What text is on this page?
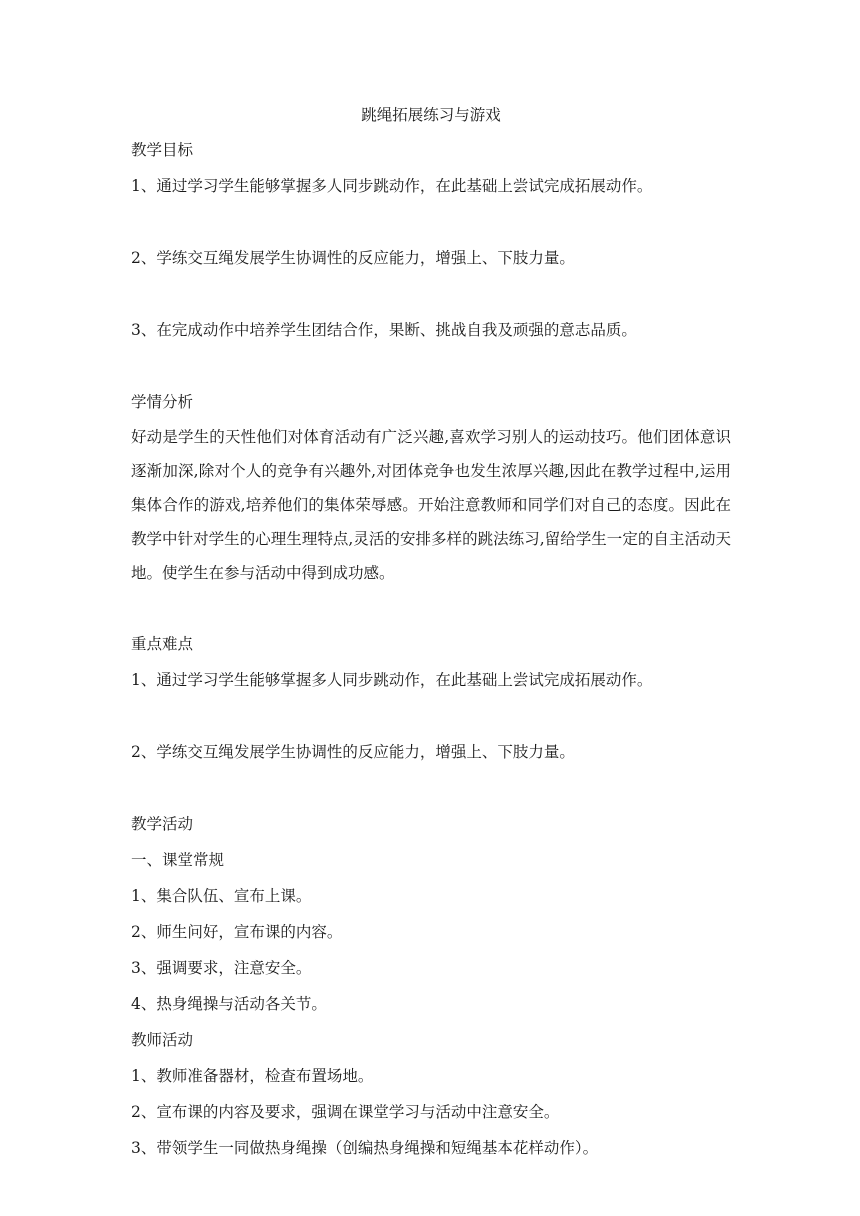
跳绳拓展练习与游戏
教学目标
1、通过学习学生能够掌握多人同步跳动作，在此基础上尝试完成拓展动作。
2、学练交互绳发展学生协调性的反应能力，增强上、下肢力量。
3、在完成动作中培养学生团结合作，果断、挑战自我及顽强的意志品质。
学情分析
好动是学生的天性他们对体育活动有广泛兴趣,喜欢学习别人的运动技巧。他们团体意识逐渐加深,除对个人的竞争有兴趣外,对团体竞争也发生浓厚兴趣,因此在教学过程中,运用集体合作的游戏,培养他们的集体荣辱感。开始注意教师和同学们对自己的态度。因此在教学中针对学生的心理生理特点,灵活的安排多样的跳法练习,留给学生一定的自主活动天地。使学生在参与活动中得到成功感。
重点难点
1、通过学习学生能够掌握多人同步跳动作，在此基础上尝试完成拓展动作。
2、学练交互绳发展学生协调性的反应能力，增强上、下肢力量。
教学活动
一、课堂常规
1、集合队伍、宣布上课。
2、师生问好，宣布课的内容。
3、强调要求，注意安全。
4、热身绳操与活动各关节。
教师活动
1、教师准备器材，检查布置场地。
2、宣布课的内容及要求，强调在课堂学习与活动中注意安全。
3、带领学生一同做热身绳操（创编热身绳操和短绳基本花样动作）。
